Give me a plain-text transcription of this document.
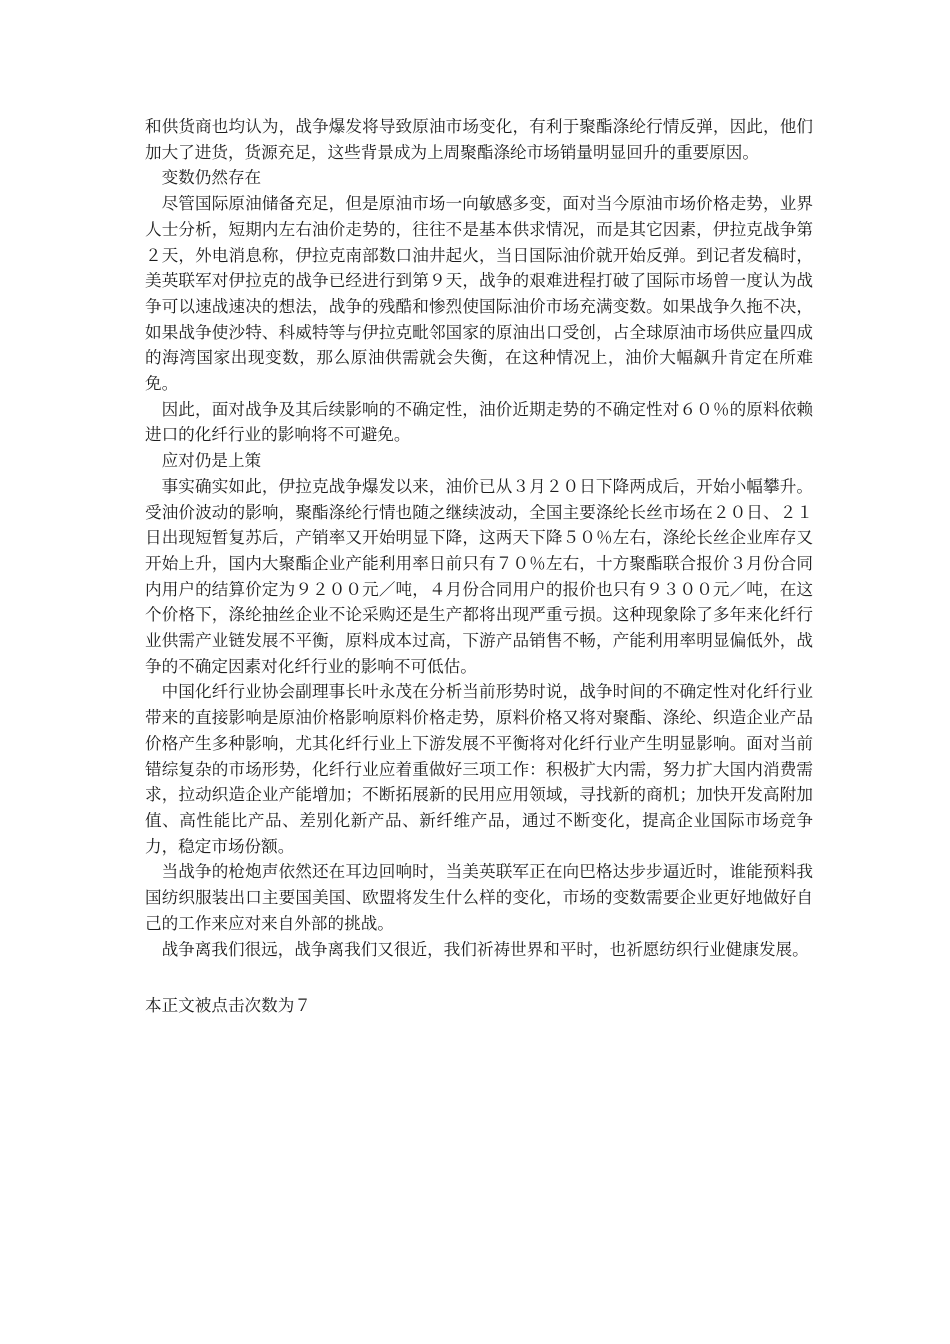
和供货商也均认为，战争爆发将导致原油市场变化，有利于聚酯涤纶行情反弹，因此，他们加大了进货，货源充足，这些背景成为上周聚酯涤纶市场销量明显回升的重要原因。

变数仍然存在

尽管国际原油储备充足，但是原油市场一向敏感多变，面对当今原油市场价格走势，业界人士分析，短期内左右油价走势的，往往不是基本供求情况，而是其它因素，伊拉克战争第２天，外电消息称，伊拉克南部数口油井起火，当日国际油价就开始反弹。到记者发稿时，美英联军对伊拉克的战争已经进行到第９天，战争的艰难进程打破了国际市场曾一度认为战争可以速战速决的想法，战争的残酷和惨烈使国际油价市场充满变数。如果战争久拖不决，如果战争使沙特、科威特等与伊拉克毗邻国家的原油出口受创，占全球原油市场供应量四成的海湾国家出现变数，那么原油供需就会失衡，在这种情况上，油价大幅飙升肯定在所难免。

因此，面对战争及其后续影响的不确定性，油价近期走势的不确定性对６０％的原料依赖进口的化纤行业的影响将不可避免。

应对仍是上策

事实确实如此，伊拉克战争爆发以来，油价已从３月２０日下降两成后，开始小幅攀升。受油价波动的影响，聚酯涤纶行情也随之继续波动，全国主要涤纶长丝市场在２０日、２１日出现短暂复苏后，产销率又开始明显下降，这两天下降５０％左右，涤纶长丝企业库存又开始上升，国内大聚酯企业产能利用率日前只有７０％左右，十方聚酯联合报价３月份合同内用户的结算价定为９２００元／吨，４月份合同用户的报价也只有９３００元／吨，在这个价格下，涤纶抽丝企业不论采购还是生产都将出现严重亏损。这种现象除了多年来化纤行业供需产业链发展不平衡，原料成本过高，下游产品销售不畅，产能利用率明显偏低外，战争的不确定因素对化纤行业的影响不可低估。

中国化纤行业协会副理事长叶永茂在分析当前形势时说，战争时间的不确定性对化纤行业带来的直接影响是原油价格影响原料价格走势，原料价格又将对聚酯、涤纶、织造企业产品价格产生多种影响，尤其化纤行业上下游发展不平衡将对化纤行业产生明显影响。面对当前错综复杂的市场形势，化纤行业应着重做好三项工作：积极扩大内需，努力扩大国内消费需求，拉动织造企业产能增加；不断拓展新的民用应用领域，寻找新的商机；加快开发高附加值、高性能比产品、差别化新产品、新纤维产品，通过不断变化，提高企业国际市场竞争力，稳定市场份额。

当战争的枪炮声依然还在耳边回响时，当美英联军正在向巴格达步步逼近时，谁能预料我国纺织服装出口主要国美国、欧盟将发生什么样的变化，市场的变数需要企业更好地做好自己的工作来应对来自外部的挑战。

战争离我们很远，战争离我们又很近，我们祈祷世界和平时，也祈愿纺织行业健康发展。

本正文被点击次数为７
